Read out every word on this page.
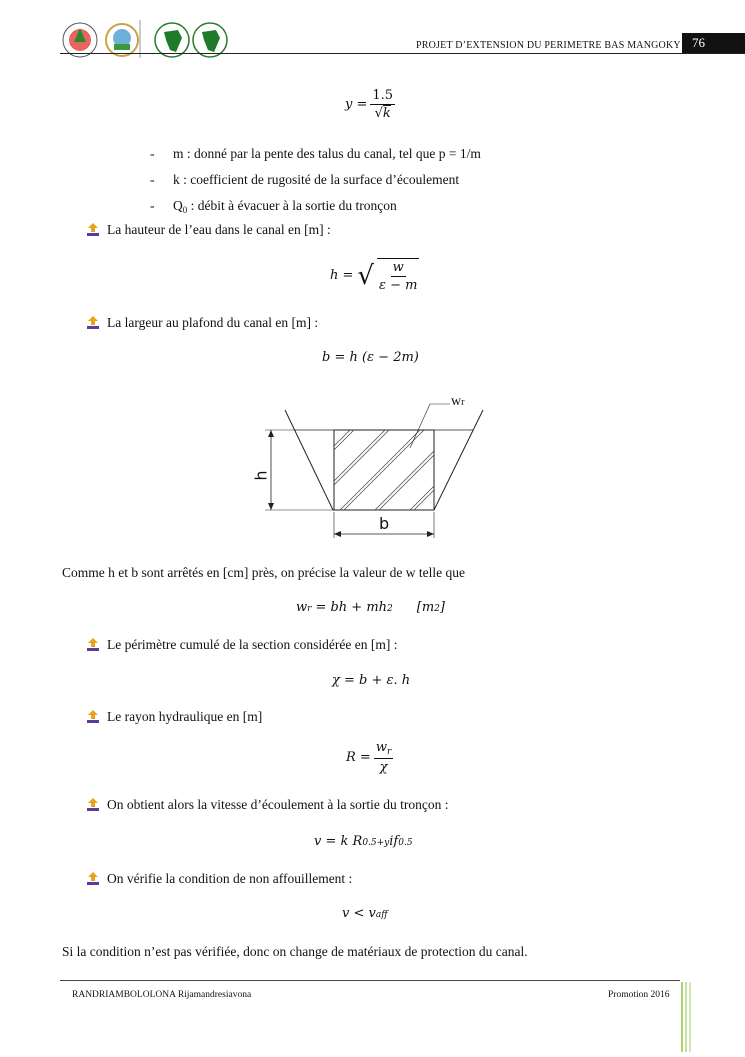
PROJET D’EXTENSION DU PERIMETRE BAS MANGOKY 76
$y = \frac{1.5}{√k}$
-	m : donné par la pente des talus du canal, tel que p = 1/m
-	k : coefficient de rugosité de la surface d’écoulement
-	$Q_0$ : débit à évacuer à la sortie du tronçon
La hauteur de l’eau dans le canal en [m] :
h = √ $\frac{w}{\varepsilon - m}$
La largeur au plafond du canal en [m] :
b = h (ε − 2m)
h
b
wr
Comme h et b sont arrêtés en [cm] près, on précise la valeur de w telle que
w r = bh + mh 2 [m 2 ]
Le périmètre cumulé de la section considérée en [m] :
χ = b + ε. h
Le rayon hydraulique en [m]
$R = \frac{w_r}{\chi}$
On obtient alors la vitesse d’écoulement à la sortie du tronçon :
v = k R 0.5+y if 0.5
On vérifie la condition de non affouillement :
v < v aff
Si la condition n’est pas vérifiée, donc on change de matériaux de protection du canal.
RANDRIAMBOLOLONA Rijamandresiavona	Promotion 2016
